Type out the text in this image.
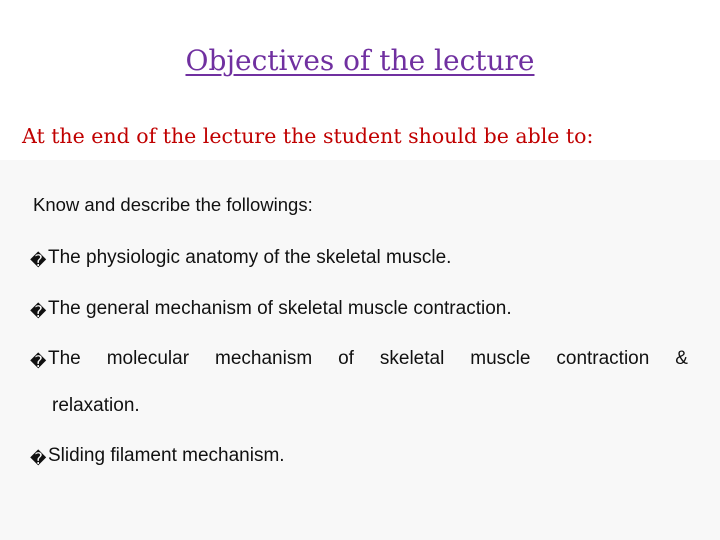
Objectives of the lecture

At the end of the lecture the student should be able to:

Know and describe the followings:
�The physiologic anatomy of the skeletal muscle.
�The general mechanism of skeletal muscle contraction.
�The molecular mechanism of skeletal muscle contraction &
relaxation.
�Sliding filament mechanism.
